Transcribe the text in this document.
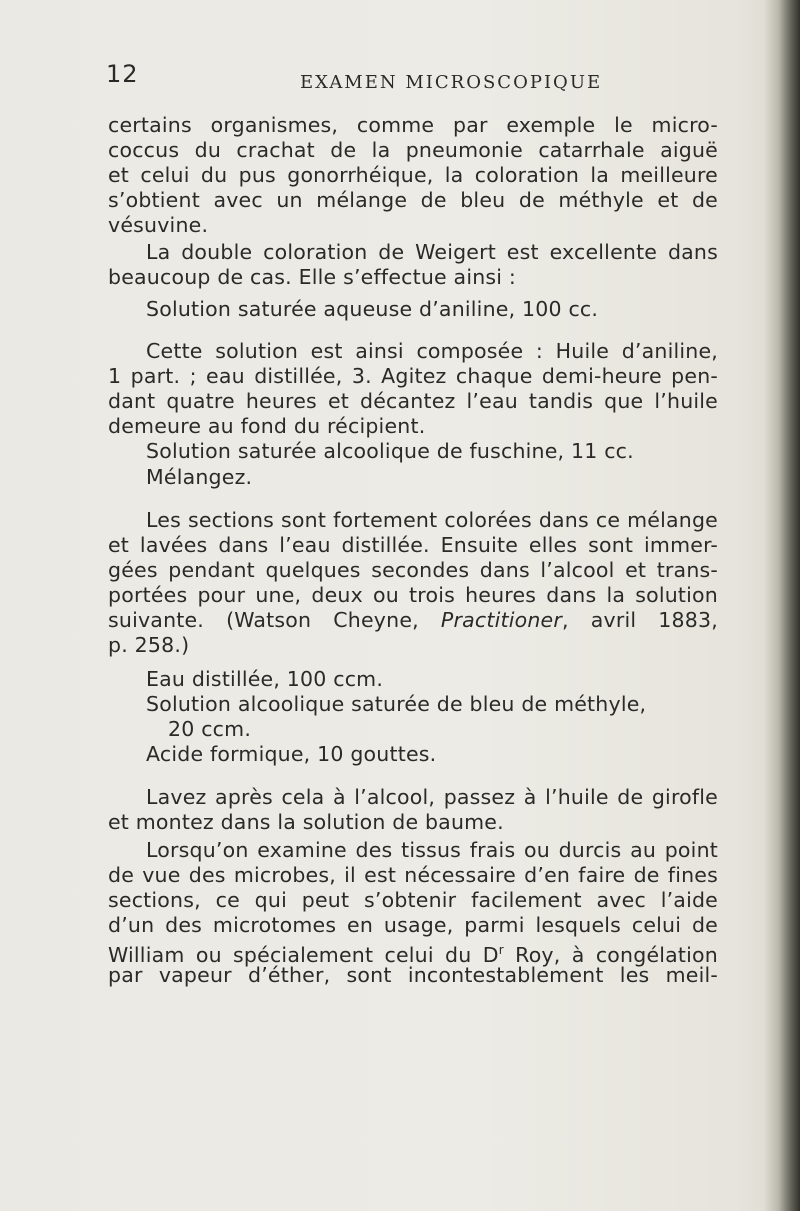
12	EXAMEN MICROSCOPIQUE
certains organismes, comme par exemple le micro-
coccus du crachat de la pneumonie catarrhale aiguë
et celui du pus gonorrhéique, la coloration la meilleure
s’obtient avec un mélange de bleu de méthyle et de
vésuvine.
La double coloration de Weigert est excellente dans
beaucoup de cas. Elle s’effectue ainsi :
Solution saturée aqueuse d’aniline, 100 cc.
Cette solution est ainsi composée : Huile d’aniline,
1 part. ; eau distillée, 3. Agitez chaque demi-heure pen-
dant quatre heures et décantez l’eau tandis que l’huile
demeure au fond du récipient.
Solution saturée alcoolique de fuschine, 11 cc.
Mélangez.
Les sections sont fortement colorées dans ce mélange
et lavées dans l’eau distillée. Ensuite elles sont immer-
gées pendant quelques secondes dans l’alcool et trans-
portées pour une, deux ou trois heures dans la solution
suivante. (Watson Cheyne, Practitioner, avril 1883,
p. 258.)
Eau distillée, 100 ccm.
Solution alcoolique saturée de bleu de méthyle,
20 ccm.
Acide formique, 10 gouttes.
Lavez après cela à l’alcool, passez à l’huile de girofle
et montez dans la solution de baume.
Lorsqu’on examine des tissus frais ou durcis au point
de vue des microbes, il est nécessaire d’en faire de fines
sections, ce qui peut s’obtenir facilement avec l’aide
d’un des microtomes en usage, parmi lesquels celui de
William ou spécialement celui du $D^r$ Roy, à congélation
par vapeur d’éther, sont incontestablement les meil-
